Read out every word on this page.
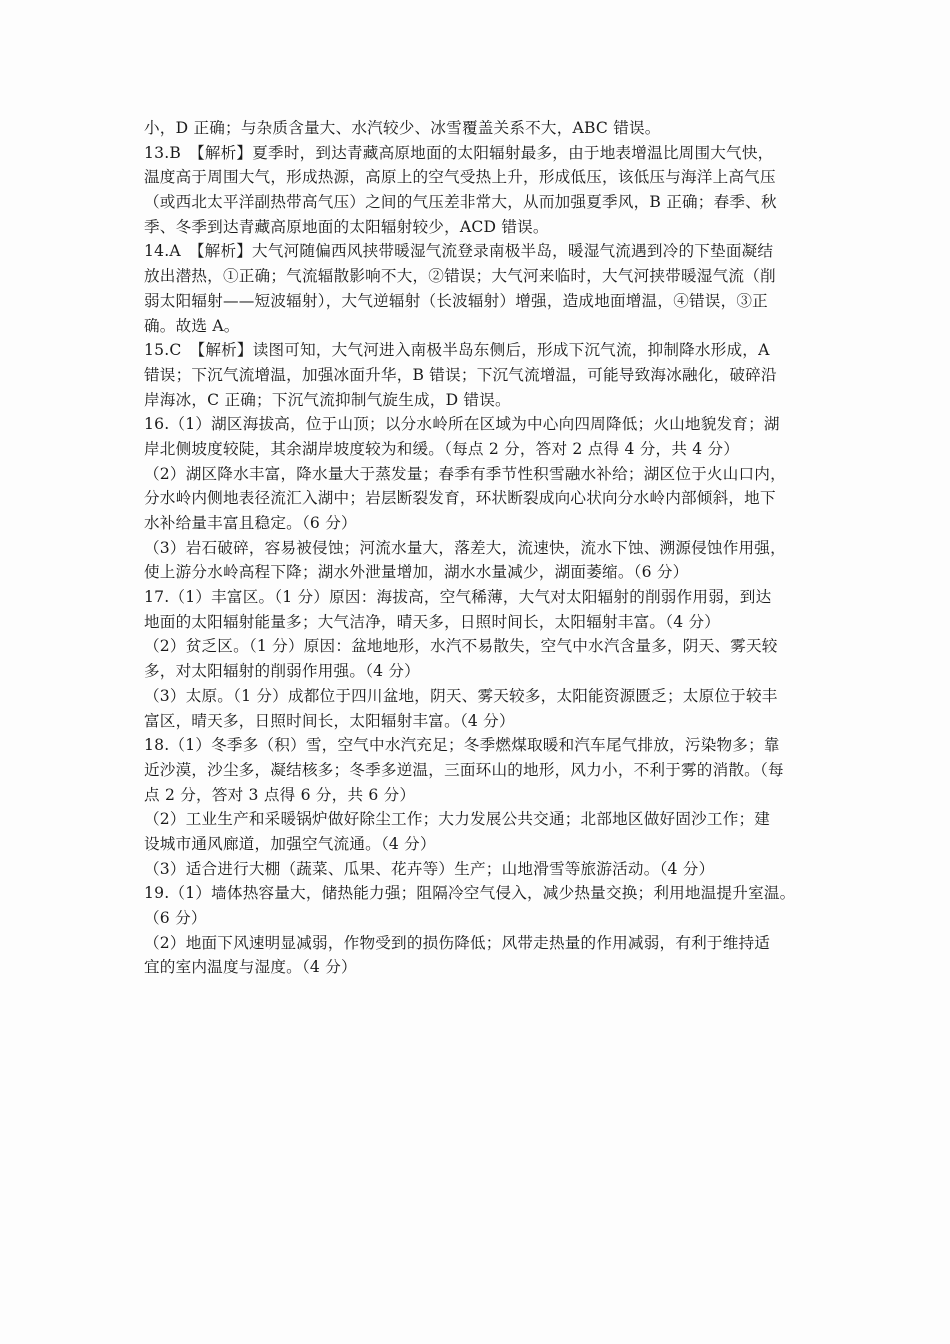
小，D 正确；与杂质含量大、水汽较少、冰雪覆盖关系不大，ABC 错误。
13.B　【解析】夏季时，到达青藏高原地面的太阳辐射最多，由于地表增温比周围大气快，
温度高于周围大气，形成热源，高原上的空气受热上升，形成低压，该低压与海洋上高气压
（或西北太平洋副热带高气压）之间的气压差非常大，从而加强夏季风，B 正确；春季、秋
季、冬季到达青藏高原地面的太阳辐射较少，ACD 错误。
14.A　【解析】大气河随偏西风挟带暖湿气流登录南极半岛，暖湿气流遇到冷的下垫面凝结
放出潜热，①正确；气流辐散影响不大，②错误；大气河来临时，大气河挟带暖湿气流（削
弱太阳辐射——短波辐射），大气逆辐射（长波辐射）增强，造成地面增温，④错误，③正
确。故选 A。
15.C　【解析】读图可知，大气河进入南极半岛东侧后，形成下沉气流，抑制降水形成，A
错误；下沉气流增温，加强冰面升华，B 错误；下沉气流增温，可能导致海冰融化，破碎沿
岸海冰，C 正确；下沉气流抑制气旋生成，D 错误。
16.（1）湖区海拔高，位于山顶；以分水岭所在区域为中心向四周降低；火山地貌发育；湖
岸北侧坡度较陡，其余湖岸坡度较为和缓。（每点 2 分，答对 2 点得 4 分，共 4 分）
（2）湖区降水丰富，降水量大于蒸发量；春季有季节性积雪融水补给；湖区位于火山口内，
分水岭内侧地表径流汇入湖中；岩层断裂发育，环状断裂成向心状向分水岭内部倾斜，地下
水补给量丰富且稳定。（6 分）
（3）岩石破碎，容易被侵蚀；河流水量大，落差大，流速快，流水下蚀、溯源侵蚀作用强，
使上游分水岭高程下降；湖水外泄量增加，湖水水量减少，湖面萎缩。（6 分）
17.（1）丰富区。（1 分）原因：海拔高，空气稀薄，大气对太阳辐射的削弱作用弱，到达
地面的太阳辐射能量多；大气洁净，晴天多，日照时间长，太阳辐射丰富。（4 分）
（2）贫乏区。（1 分）原因：盆地地形，水汽不易散失，空气中水汽含量多，阴天、雾天较
多，对太阳辐射的削弱作用强。（4 分）
（3）太原。（1 分）成都位于四川盆地，阴天、雾天较多，太阳能资源匮乏；太原位于较丰
富区，晴天多，日照时间长，太阳辐射丰富。（4 分）
18.（1）冬季多（积）雪，空气中水汽充足；冬季燃煤取暖和汽车尾气排放，污染物多；靠
近沙漠，沙尘多，凝结核多；冬季多逆温，三面环山的地形，风力小，不利于雾的消散。（每
点 2 分，答对 3 点得 6 分，共 6 分）
（2）工业生产和采暖锅炉做好除尘工作；大力发展公共交通；北部地区做好固沙工作；建
设城市通风廊道，加强空气流通。（4 分）
（3）适合进行大棚（蔬菜、瓜果、花卉等）生产；山地滑雪等旅游活动。（4 分）
19.（1）墙体热容量大，储热能力强；阻隔冷空气侵入，减少热量交换；利用地温提升室温。
（6 分）
（2）地面下风速明显减弱，作物受到的损伤降低；风带走热量的作用减弱，有利于维持适
宜的室内温度与湿度。（4 分）
